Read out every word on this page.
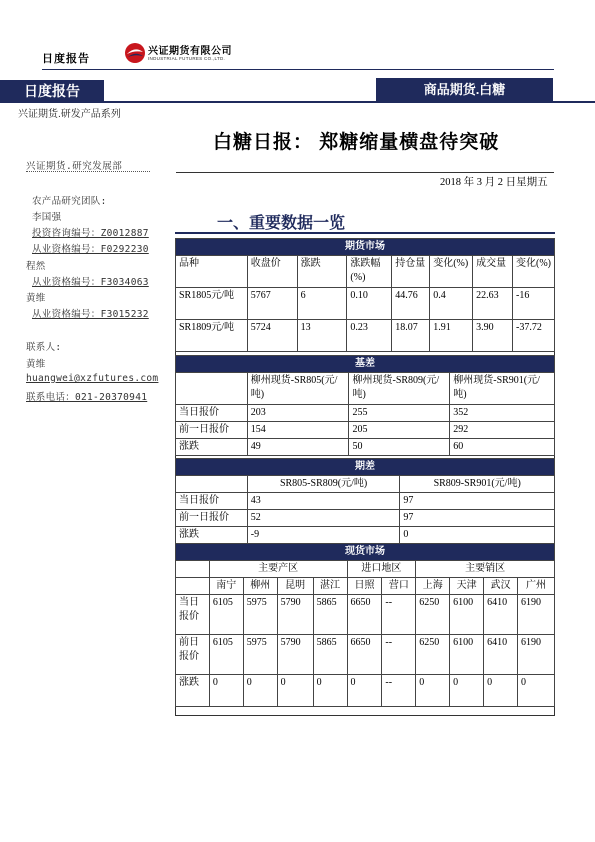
日度报告
兴证期货有限公司
INDUSTRIAL FUTURES CO.,LTD.
日度报告	商品期货.白糖
兴证期货.研发产品系列
白糖日报： 郑糖缩量横盘待突破
兴证期货.研究发展部
2018 年 3 月 2 日星期五
农产品研究团队:
李国强
投资咨询编号：Z0012887
从业资格编号：F0292230
程然
从业资格编号：F3034063
黄维
从业资格编号：F3015232
联系人:
黄维
huangwei@xzfutures.com
联系电话：021-20370941
一、重要数据一览
期货市场							
品种	收盘价	涨跌	涨跌幅(%)	持仓量	变化(%)	成交量	变化(%)
SR1805元/吨	5767	6	0.10	44.76	0.4	22.63	-16
SR1809元/吨	5724	13	0.23	18.07	1.91	3.90	-37.72
基差			
	柳州现货-SR805(元/吨)	柳州现货-SR809(元/吨)	柳州现货-SR901(元/吨)
当日报价	203	255	352
前一日报价	154	205	292
涨跌	49	50	60
期差		
	SR805-SR809(元/吨)	SR809-SR901(元/吨)
当日报价	43	97
前一日报价	52	97
涨跌	-9	0
现货市场										
	主要产区				进口地区		主要销区			
	南宁	柳州	昆明	湛江	日照	营口	上海	天津	武汉	广州
当日报价	6105	5975	5790	5865	6650	--	6250	6100	6410	6190
前日报价	6105	5975	5790	5865	6650	--	6250	6100	6410	6190
涨跌	0	0	0	0	0	--	0	0	0	0
